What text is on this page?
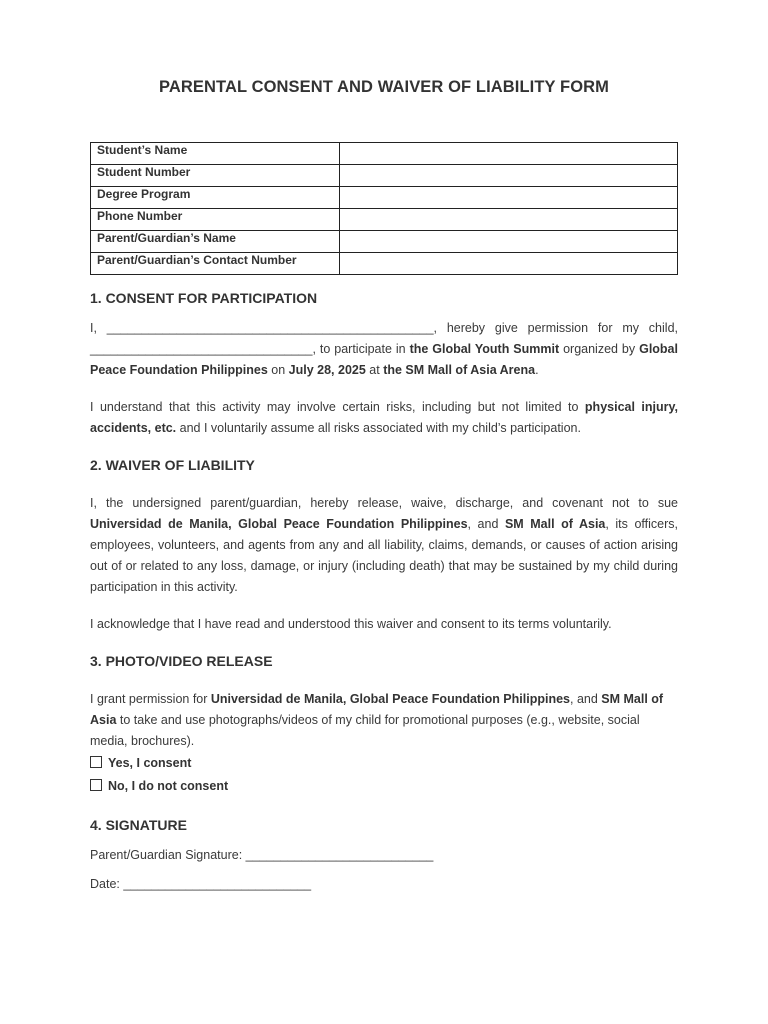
PARENTAL CONSENT AND WAIVER OF LIABILITY FORM
Student’s Name	
Student Number	
Degree Program	
Phone Number	
Parent/Guardian’s Name	
Parent/Guardian’s Contact Number	
1. CONSENT FOR PARTICIPATION
I, _______________________________________________, hereby give permission for my child, ________________________________, to participate in the Global Youth Summit organized by Global Peace Foundation Philippines on July 28, 2025 at the SM Mall of Asia Arena.
I understand that this activity may involve certain risks, including but not limited to physical injury, accidents, etc. and I voluntarily assume all risks associated with my child’s participation.
2. WAIVER OF LIABILITY
I, the undersigned parent/guardian, hereby release, waive, discharge, and covenant not to sue Universidad de Manila, Global Peace Foundation Philippines, and SM Mall of Asia, its officers, employees, volunteers, and agents from any and all liability, claims, demands, or causes of action arising out of or related to any loss, damage, or injury (including death) that may be sustained by my child during participation in this activity.
I acknowledge that I have read and understood this waiver and consent to its terms voluntarily.
3. PHOTO/VIDEO RELEASE
I grant permission for Universidad de Manila, Global Peace Foundation Philippines, and SM Mall of Asia to take and use photographs/videos of my child for promotional purposes (e.g., website, social media, brochures).
Yes, I consent
No, I do not consent
4. SIGNATURE
Parent/Guardian Signature: ___________________________
Date: ___________________________
